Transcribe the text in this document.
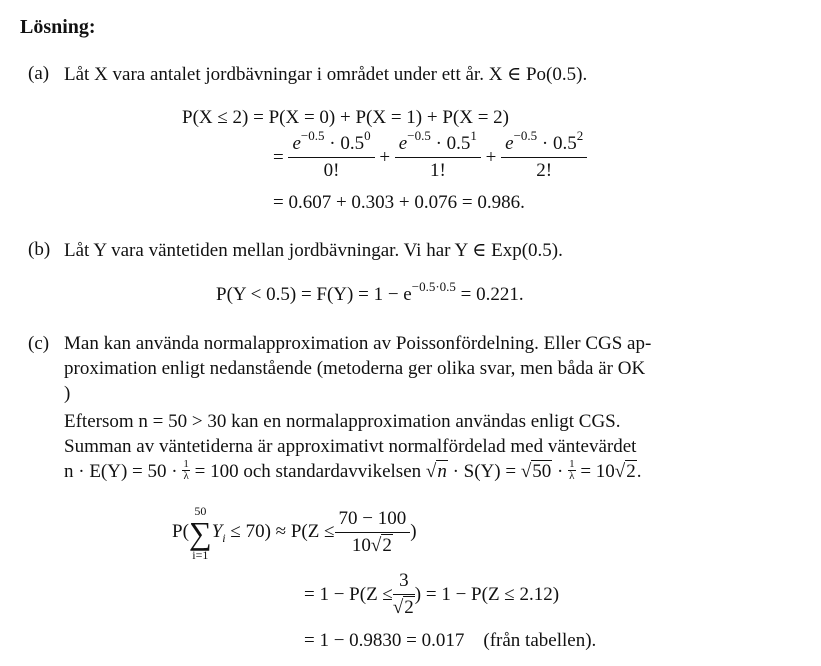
Lösning:
(a) Låt X vara antalet jordbävningar i området under ett år. X ∈ Po(0.5).
P(X ≤ 2) = P(X = 0) + P(X = 1) + P(X = 2)
= $\frac{e^{-0.5} \cdot 0.5^0}{0!} + \frac{e^{-0.5} \cdot 0.5^1}{1!} + \frac{e^{-0.5} \cdot 0.5^2}{2!}$
= 0.607 + 0.303 + 0.076 = 0.986.
(b) Låt Y vara väntetiden mellan jordbävningar. Vi har Y ∈ Exp(0.5).
$P(Y < 0.5) = F(Y) = 1 - e^{-0.5\cdot 0.5} = 0.221$.
(c) Man kan använda normalapproximation av Poissonfördelning. Eller CGS ap-
proximation enligt nedanstående (metoderna ger olika svar, men båda är OK
)
Eftersom n = 50 > 30 kan en normalapproximation användas enligt CGS.
Summan av väntetiderna är approximativt normalfördelad med väntevärdet
$n \cdot E(Y) = 50 \cdot \frac{1}{\lambda} = 100$ och standardavvikelsen $√n \cdot S(Y) = √50 \cdot \frac{1}{\lambda} = 10√2$.
P(
50
∑
i=1
$Y_i \le 70) \approx P(Z \le \frac{70 - 100}{10√2}$ )
= $1 - P(Z \le \frac{3}{√2}$ ) = 1 − P(Z ≤ 2.12)
= 1 − 0.9830 = 0.017    (från tabellen).
